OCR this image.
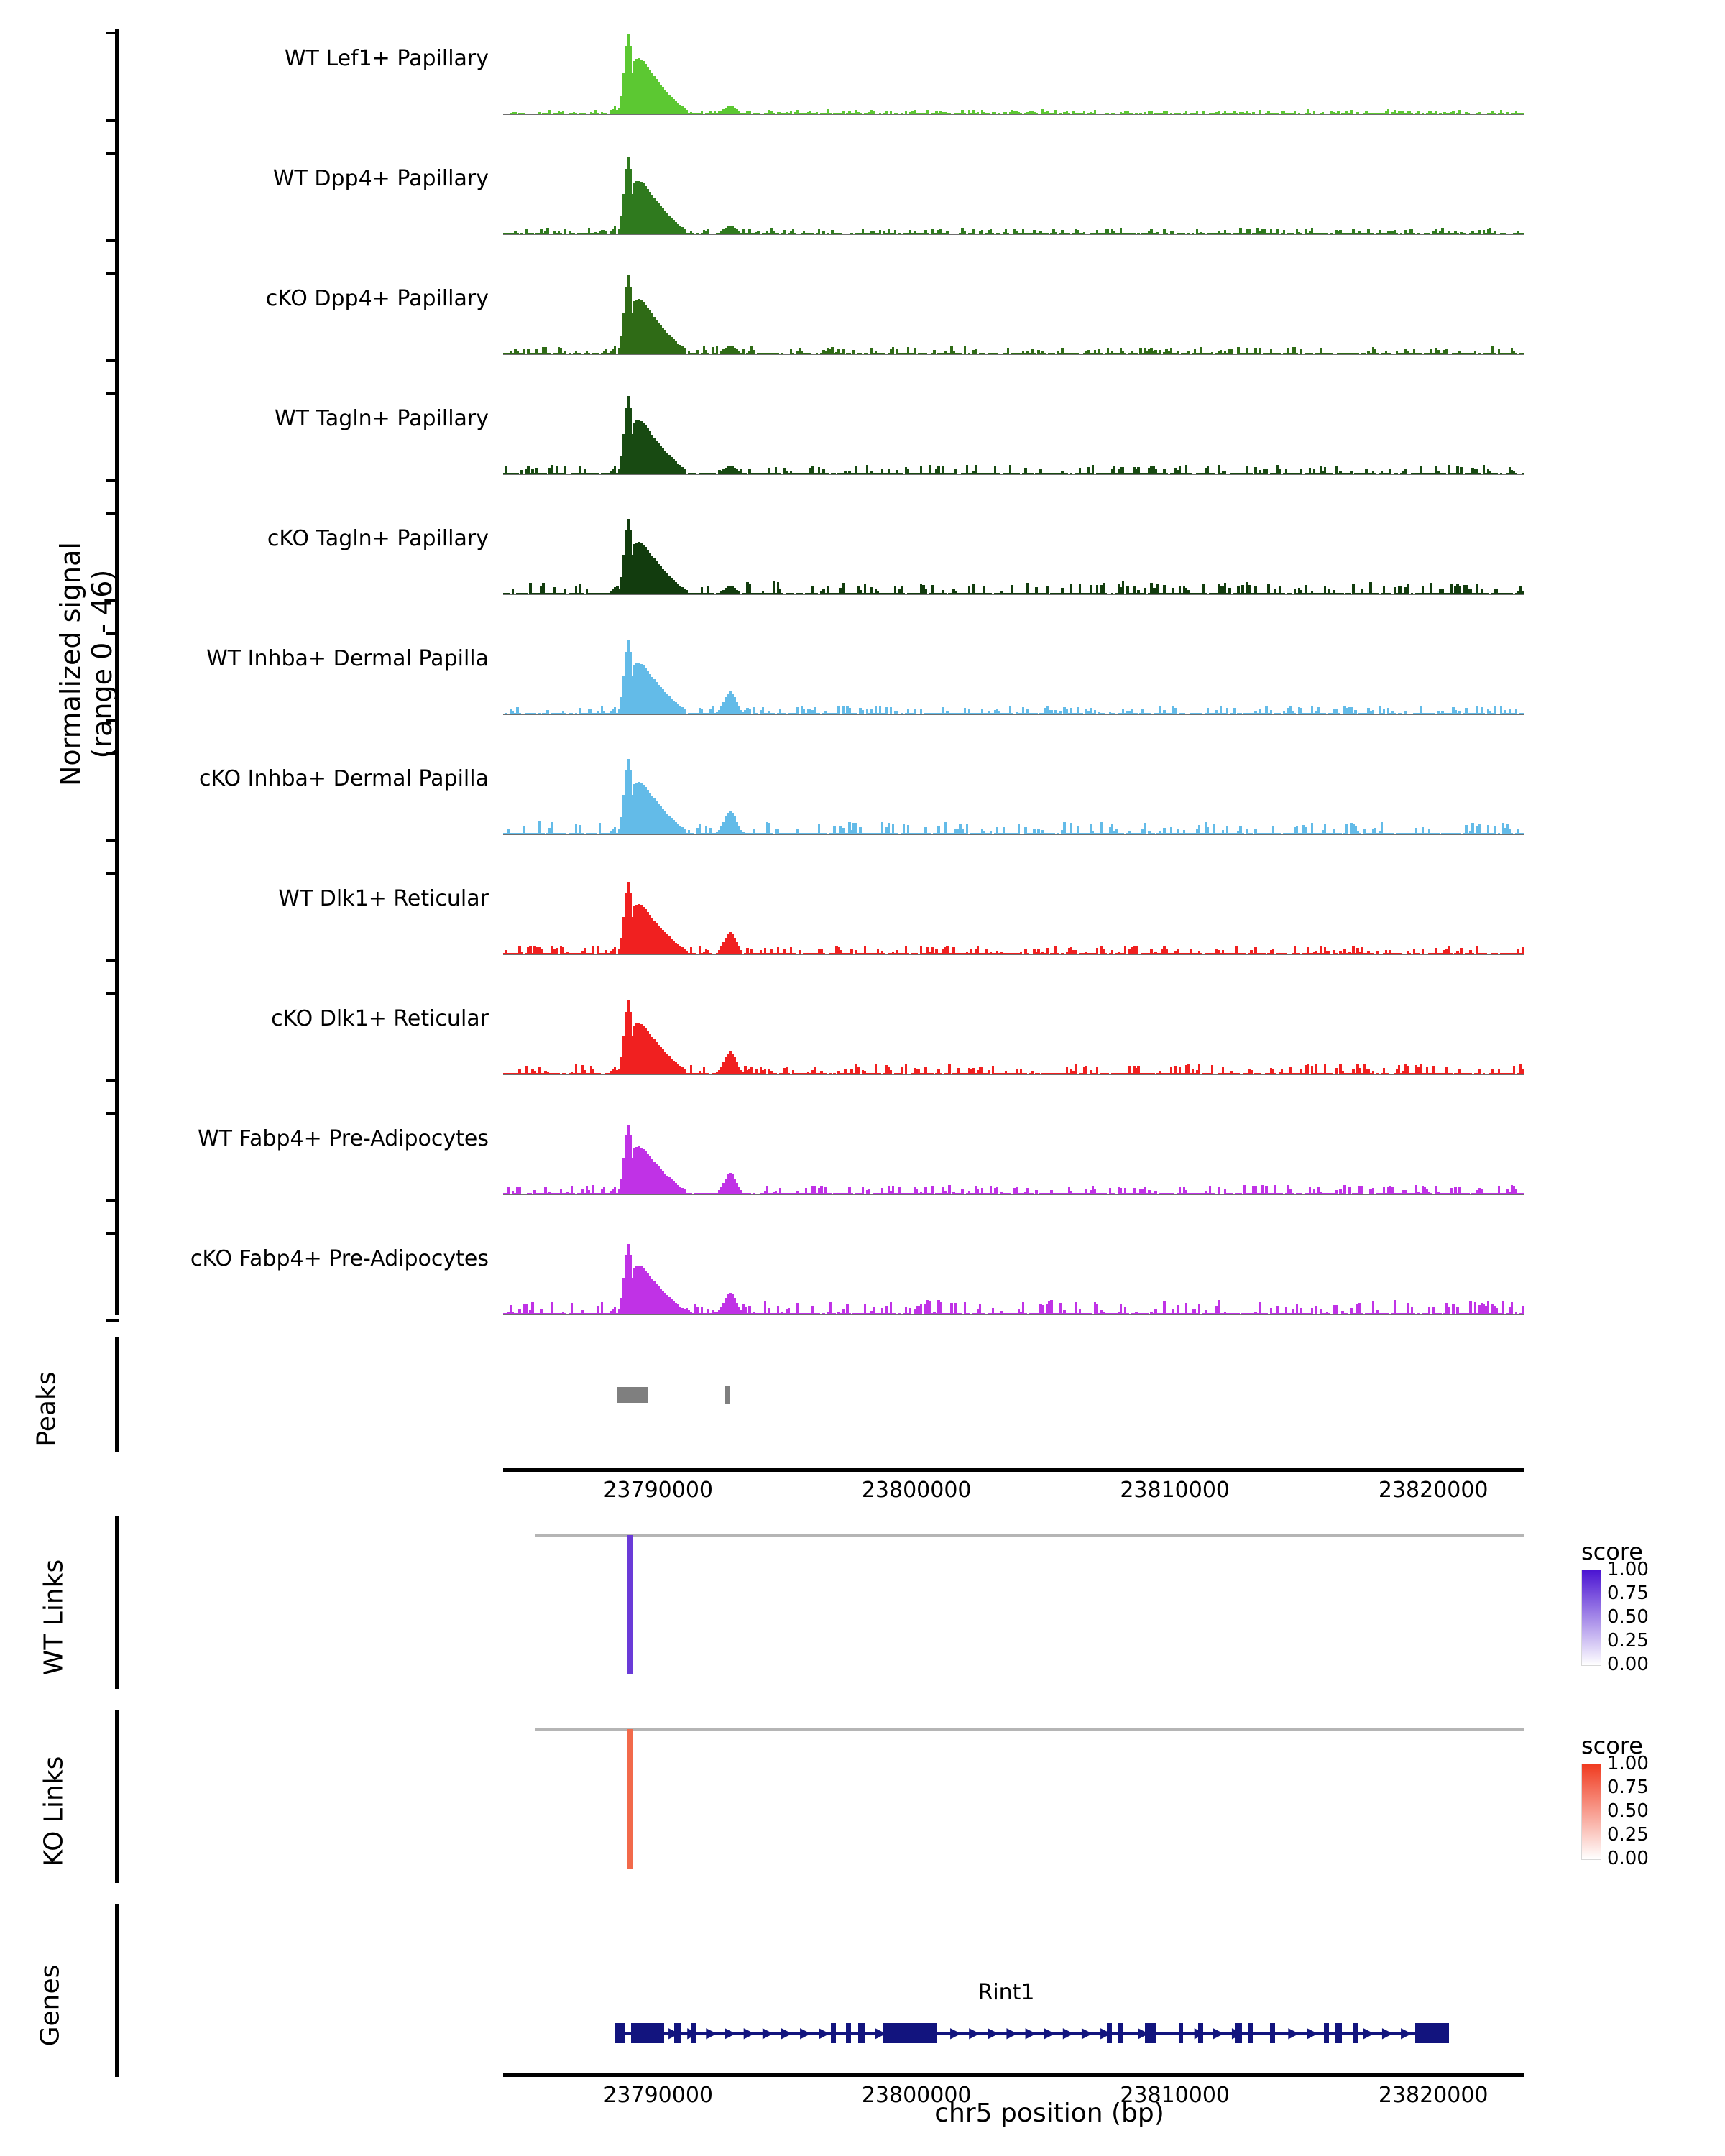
Normalized signal (range 0 - 46)
WT Lef1+ Papillary
WT Dpp4+ Papillary
cKO Dpp4+ Papillary
WT Tagln+ Papillary
cKO Tagln+ Papillary
WT Inhba+ Dermal Papilla
cKO Inhba+ Dermal Papilla
WT Dlk1+ Reticular
cKO Dlk1+ Reticular
WT Fabp4+ Pre-Adipocytes
cKO Fabp4+ Pre-Adipocytes
Peaks
23790000	23800000	23810000	23820000
WT Links
KO Links
Genes	Rint1
▶ ▶ ▶ ▶ ▶ ▶ ▶ ▶ ▶	▶	▶ ▶ ▶ ▶ ▶ ▶ ▶ ▶ ▶ ▶	▶ ▶ ▶	▶ ▶	▶ ▶ ▶
23790000	23800000	23810000	23820000
chr5 position (bp)
score
1.00
0.75
0.50
0.25
0.00
score
1.00
0.75
0.50
0.25
0.00
